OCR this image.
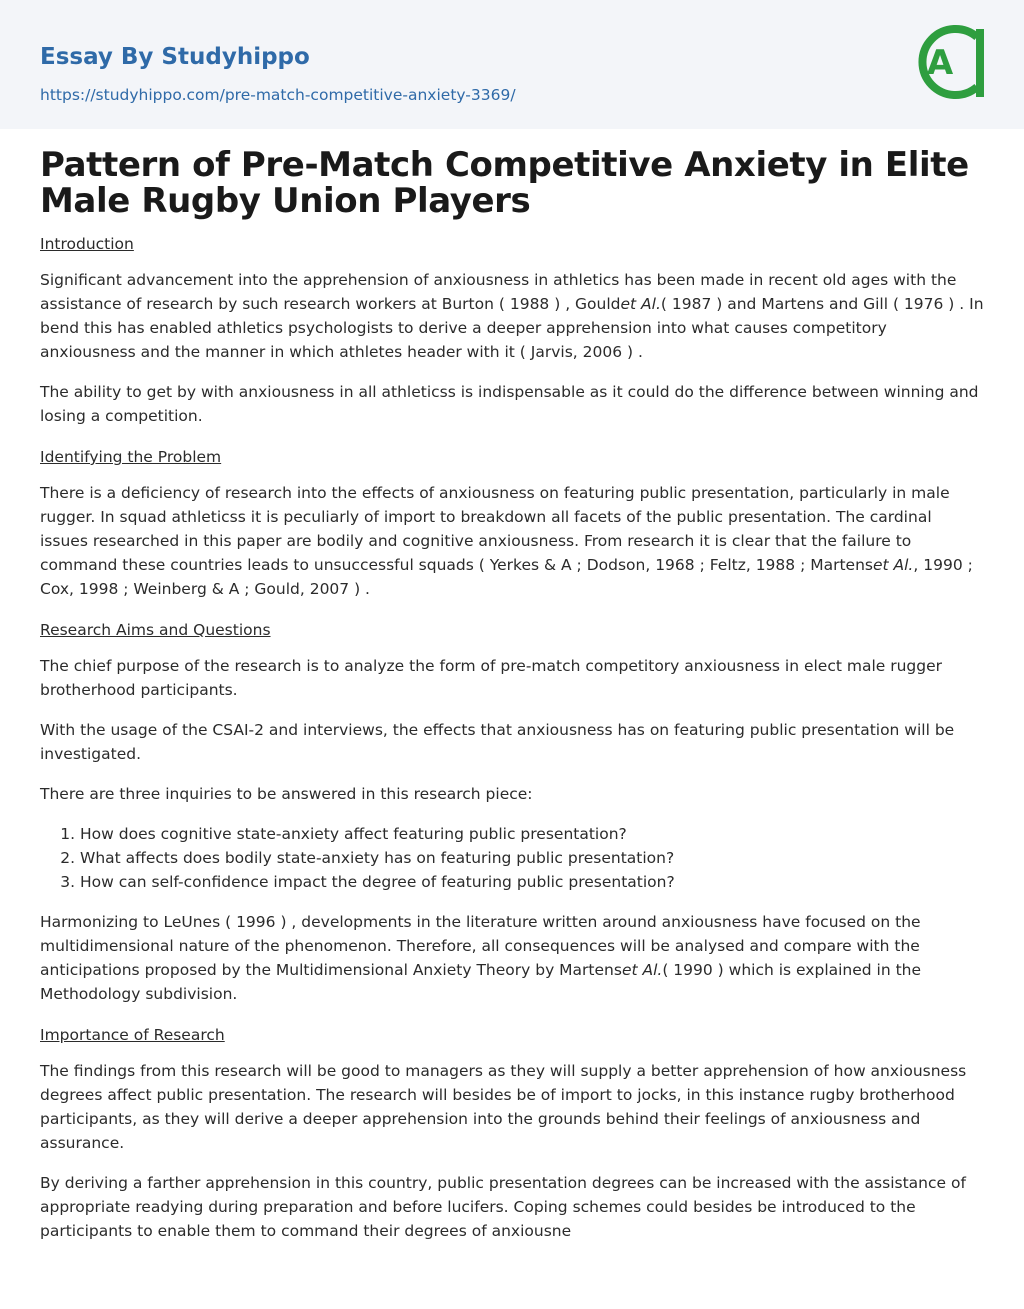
Essay By Studyhippo
https://studyhippo.com/pre-match-competitive-anxiety-3369/
A
Pattern of Pre-Match Competitive Anxiety in Elite Male Rugby Union Players
Introduction

Significant advancement into the apprehension of anxiousness in athletics has been made in recent old ages with the assistance of research by such research workers at Burton ( 1988 ) , Gouldet Al.( 1987 ) and Martens and Gill ( 1976 ) . In bend this has enabled athletics psychologists to derive a deeper apprehension into what causes competitory anxiousness and the manner in which athletes header with it ( Jarvis, 2006 ) .

The ability to get by with anxiousness in all athleticss is indispensable as it could do the difference between winning and losing a competition.

Identifying the Problem

There is a deficiency of research into the effects of anxiousness on featuring public presentation, particularly in male rugger. In squad athleticss it is peculiarly of import to breakdown all facets of the public presentation. The cardinal issues researched in this paper are bodily and cognitive anxiousness. From research it is clear that the failure to command these countries leads to unsuccessful squads ( Yerkes & A ; Dodson, 1968 ; Feltz, 1988 ; Martenset Al., 1990 ; Cox, 1998 ; Weinberg & A ; Gould, 2007 ) .

Research Aims and Questions

The chief purpose of the research is to analyze the form of pre-match competitory anxiousness in elect male rugger brotherhood participants.

With the usage of the CSAI-2 and interviews, the effects that anxiousness has on featuring public presentation will be investigated.

There are three inquiries to be answered in this research piece:

1. How does cognitive state-anxiety affect featuring public presentation?
2. What affects does bodily state-anxiety has on featuring public presentation?
3. How can self-confidence impact the degree of featuring public presentation?

Harmonizing to LeUnes ( 1996 ) , developments in the literature written around anxiousness have focused on the multidimensional nature of the phenomenon. Therefore, all consequences will be analysed and compare with the anticipations proposed by the Multidimensional Anxiety Theory by Martenset Al.( 1990 ) which is explained in the Methodology subdivision.

Importance of Research

The findings from this research will be good to managers as they will supply a better apprehension of how anxiousness degrees affect public presentation. The research will besides be of import to jocks, in this instance rugby brotherhood participants, as they will derive a deeper apprehension into the grounds behind their feelings of anxiousness and assurance.

By deriving a farther apprehension in this country, public presentation degrees can be increased with the assistance of appropriate readying during preparation and before lucifers. Coping schemes could besides be introduced to the participants to enable them to command their degrees of anxiousne
